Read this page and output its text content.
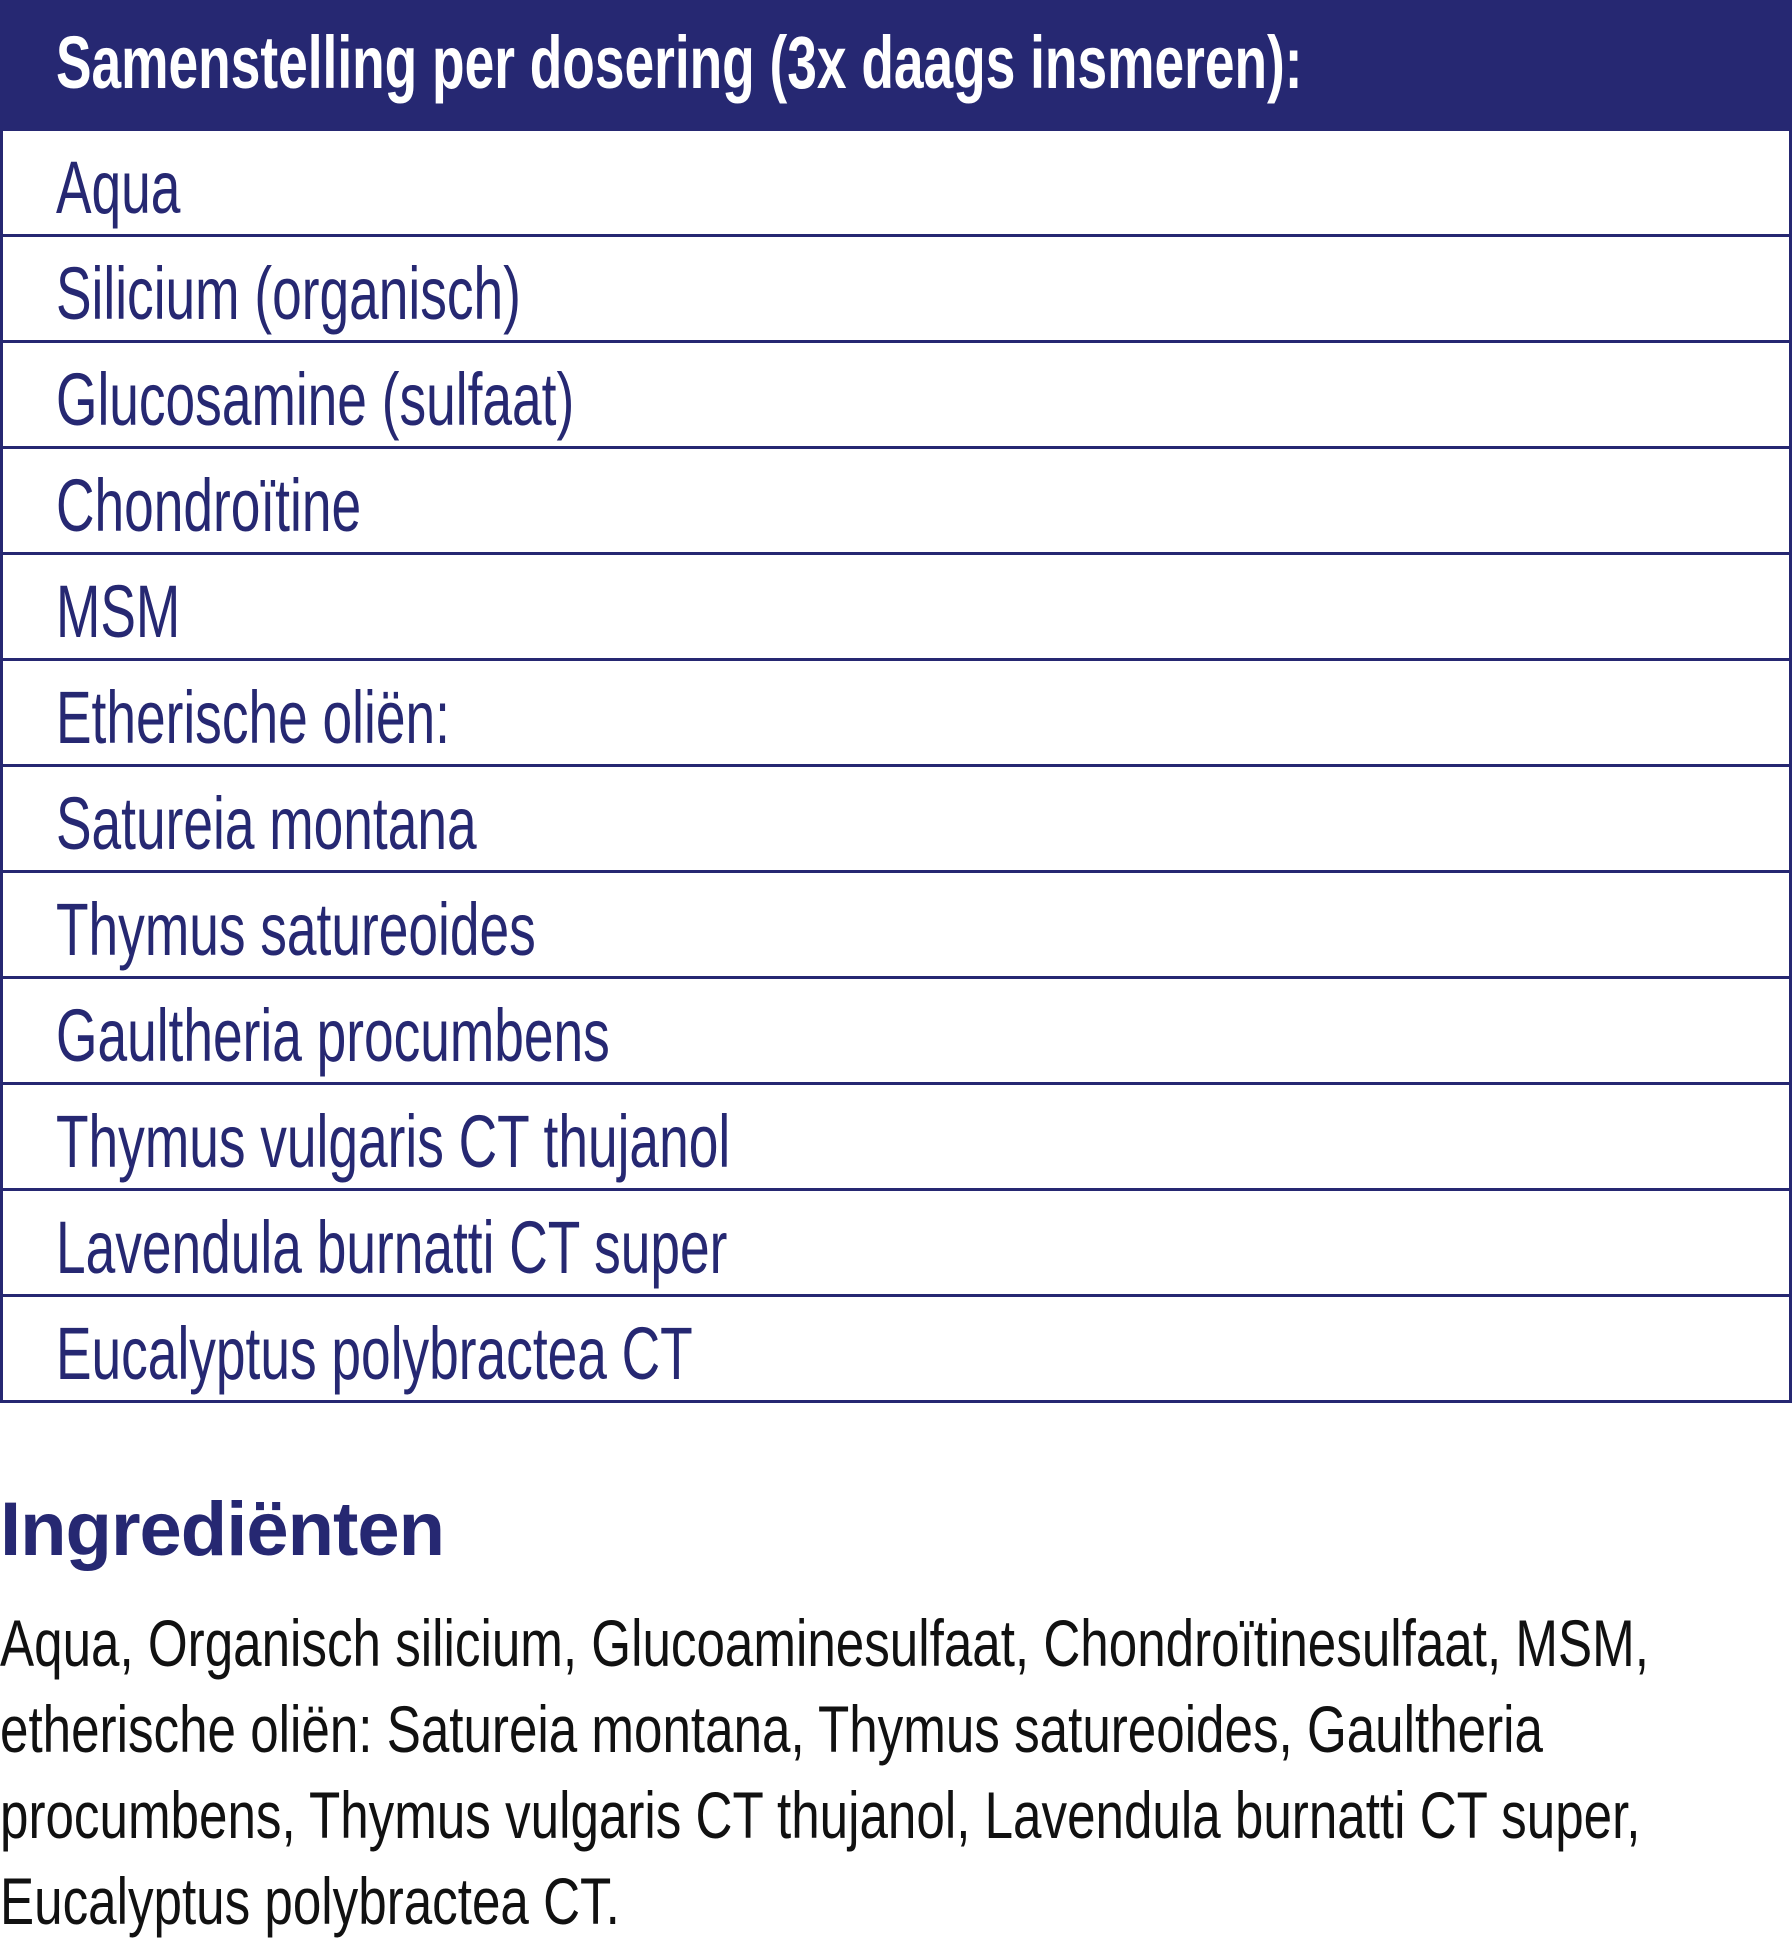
Samenstelling per dosering (3x daags insmeren):
Aqua
Silicium (organisch)
Glucosamine (sulfaat)
Chondroïtine
MSM
Etherische oliën:
Satureia montana
Thymus satureoides
Gaultheria procumbens
Thymus vulgaris CT thujanol
Lavendula burnatti CT super
Eucalyptus polybractea CT
Ingrediënten
Aqua, Organisch silicium, Glucoaminesulfaat, Chondroïtinesulfaat, MSM,
etherische oliën: Satureia montana, Thymus satureoides, Gaultheria
procumbens, Thymus vulgaris CT thujanol, Lavendula burnatti CT super,
Eucalyptus polybractea CT.
